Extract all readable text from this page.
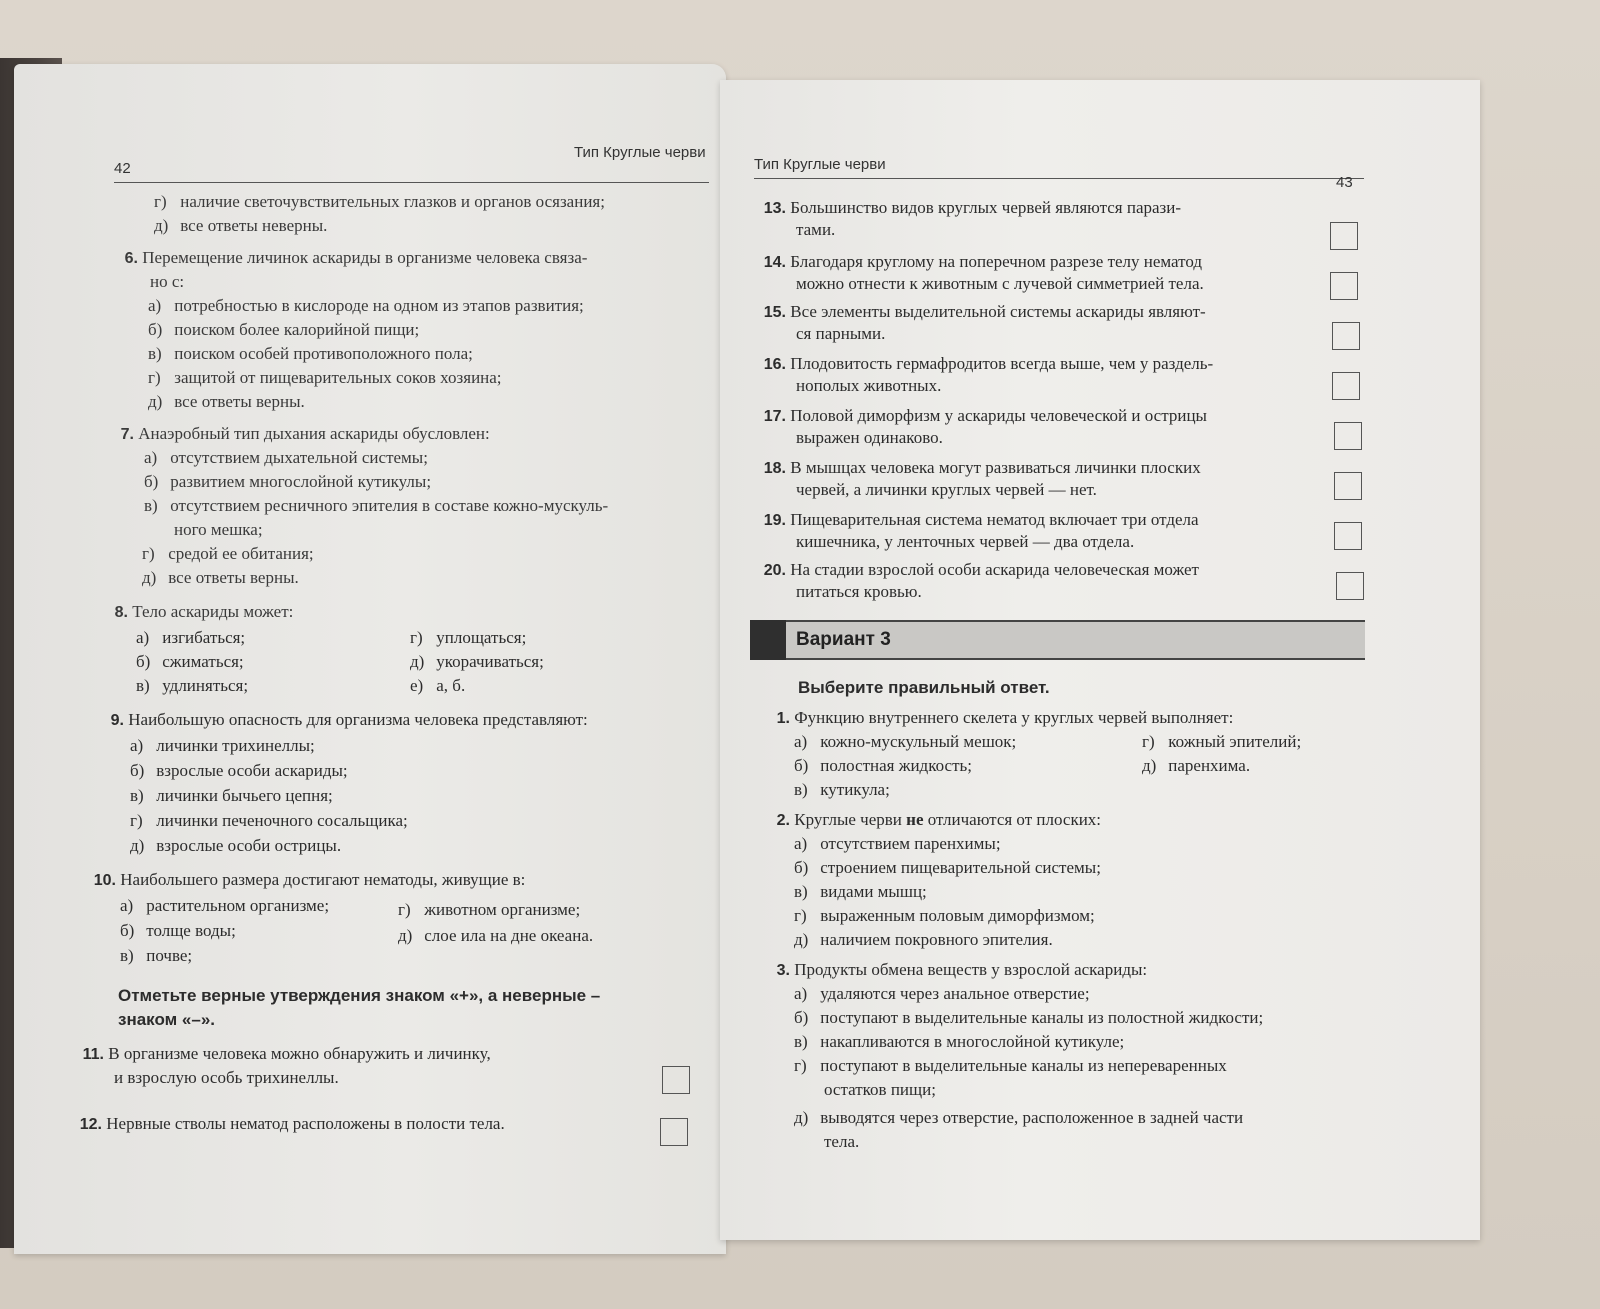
42
Тип Круглые черви
г) наличие светочувствительных глазков и органов осязания;
д) все ответы неверны.
6. Перемещение личинок аскариды в организме человека связа-
но с:
а) потребностью в кислороде на одном из этапов развития;
б) поиском более калорийной пищи;
в) поиском особей противоположного пола;
г) защитой от пищеварительных соков хозяина;
д) все ответы верны.
7. Анаэробный тип дыхания аскариды обусловлен:
а) отсутствием дыхательной системы;
б) развитием многослойной кутикулы;
в) отсутствием ресничного эпителия в составе кожно-мускуль-
ного мешка;
г) средой ее обитания;
д) все ответы верны.
8. Тело аскариды может:
а) изгибаться;
б) сжиматься;
в) удлиняться;
г) уплощаться;
д) укорачиваться;
е) а, б.
9. Наибольшую опасность для организма человека представляют:
а) личинки трихинеллы;
б) взрослые особи аскариды;
в) личинки бычьего цепня;
г) личинки печеночного сосальщика;
д) взрослые особи острицы.
10. Наибольшего размера достигают нематоды, живущие в:
а) растительном организме;
б) толще воды;
в) почве;
г) животном организме;
д) слое ила на дне океана.
Отметьте верные утверждения знаком «+», а неверные –
знаком «–».
11. В организме человека можно обнаружить и личинку,
и взрослую особь трихинеллы.
12. Нервные стволы нематод расположены в полости тела.
Тип Круглые черви
43
13. Большинство видов круглых червей являются парази-
тами.
14. Благодаря круглому на поперечном разрезе телу нематод
можно отнести к животным с лучевой симметрией тела.
15. Все элементы выделительной системы аскариды являют-
ся парными.
16. Плодовитость гермафродитов всегда выше, чем у раздель-
нополых животных.
17. Половой диморфизм у аскариды человеческой и острицы
выражен одинаково.
18. В мышцах человека могут развиваться личинки плоских
червей, а личинки круглых червей — нет.
19. Пищеварительная система нематод включает три отдела
кишечника, у ленточных червей — два отдела.
20. На стадии взрослой особи аскарида человеческая может
питаться кровью.
Вариант 3
Выберите правильный ответ.
1. Функцию внутреннего скелета у круглых червей выполняет:
а) кожно-мускульный мешок;
б) полостная жидкость;
в) кутикула;
г) кожный эпителий;
д) паренхима.
2. Круглые черви не отличаются от плоских:
а) отсутствием паренхимы;
б) строением пищеварительной системы;
в) видами мышц;
г) выраженным половым диморфизмом;
д) наличием покровного эпителия.
3. Продукты обмена веществ у взрослой аскариды:
а) удаляются через анальное отверстие;
б) поступают в выделительные каналы из полостной жидкости;
в) накапливаются в многослойной кутикуле;
г) поступают в выделительные каналы из непереваренных
остатков пищи;
д) выводятся через отверстие, расположенное в задней части
тела.
